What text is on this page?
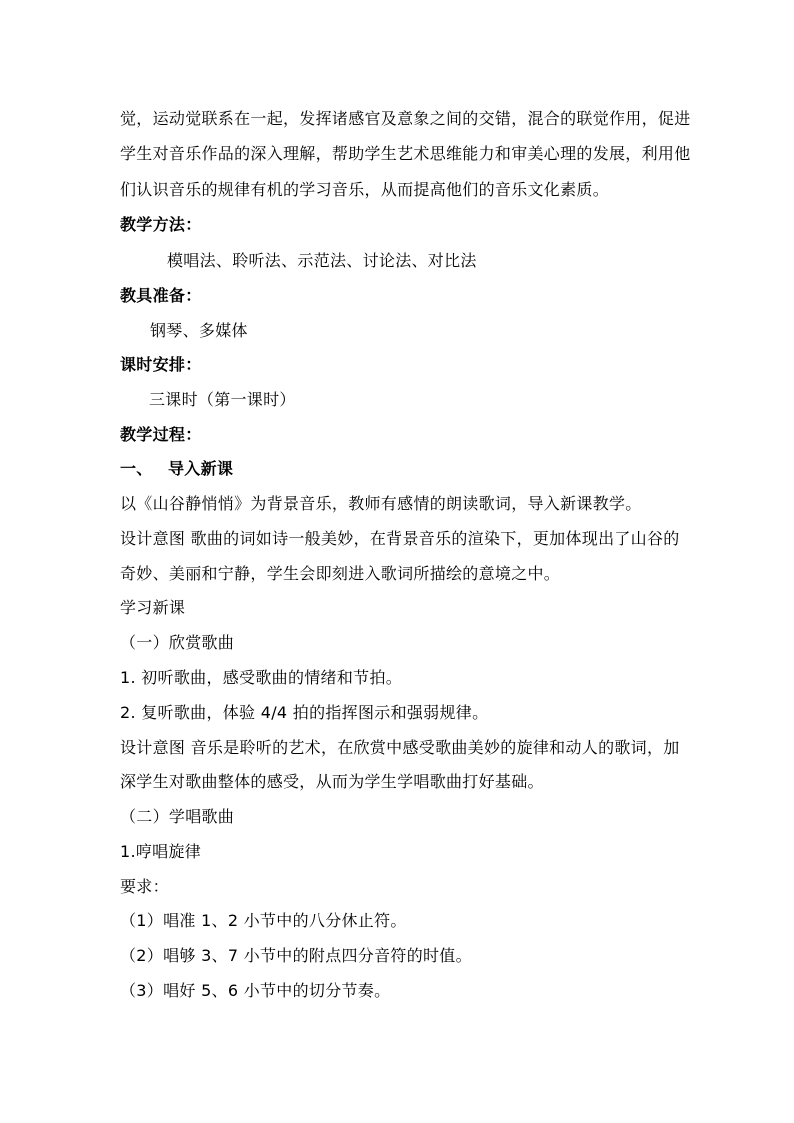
觉，运动觉联系在一起，发挥诸感官及意象之间的交错，混合的联觉作用，促进
学生对音乐作品的深入理解，帮助学生艺术思维能力和审美心理的发展，利用他
们认识音乐的规律有机的学习音乐，从而提高他们的音乐文化素质。
教学方法：
模唱法、聆听法、示范法、讨论法、对比法
教具准备：
钢琴、多媒体
课时安排：
三课时（第一课时）
教学过程：
一、 导入新课
以《山谷静悄悄》为背景音乐，教师有感情的朗读歌词，导入新课教学。
设计意图 歌曲的词如诗一般美妙，在背景音乐的渲染下，更加体现出了山谷的
奇妙、美丽和宁静，学生会即刻进入歌词所描绘的意境之中。
学习新课
（一）欣赏歌曲
1. 初听歌曲，感受歌曲的情绪和节拍。
2. 复听歌曲，体验 4/4 拍的指挥图示和强弱规律。
设计意图 音乐是聆听的艺术，在欣赏中感受歌曲美妙的旋律和动人的歌词，加
深学生对歌曲整体的感受，从而为学生学唱歌曲打好基础。
（二）学唱歌曲
1.哼唱旋律
要求：
（1）唱准 1、2 小节中的八分休止符。
（2）唱够 3、7 小节中的附点四分音符的时值。
（3）唱好 5、6 小节中的切分节奏。
